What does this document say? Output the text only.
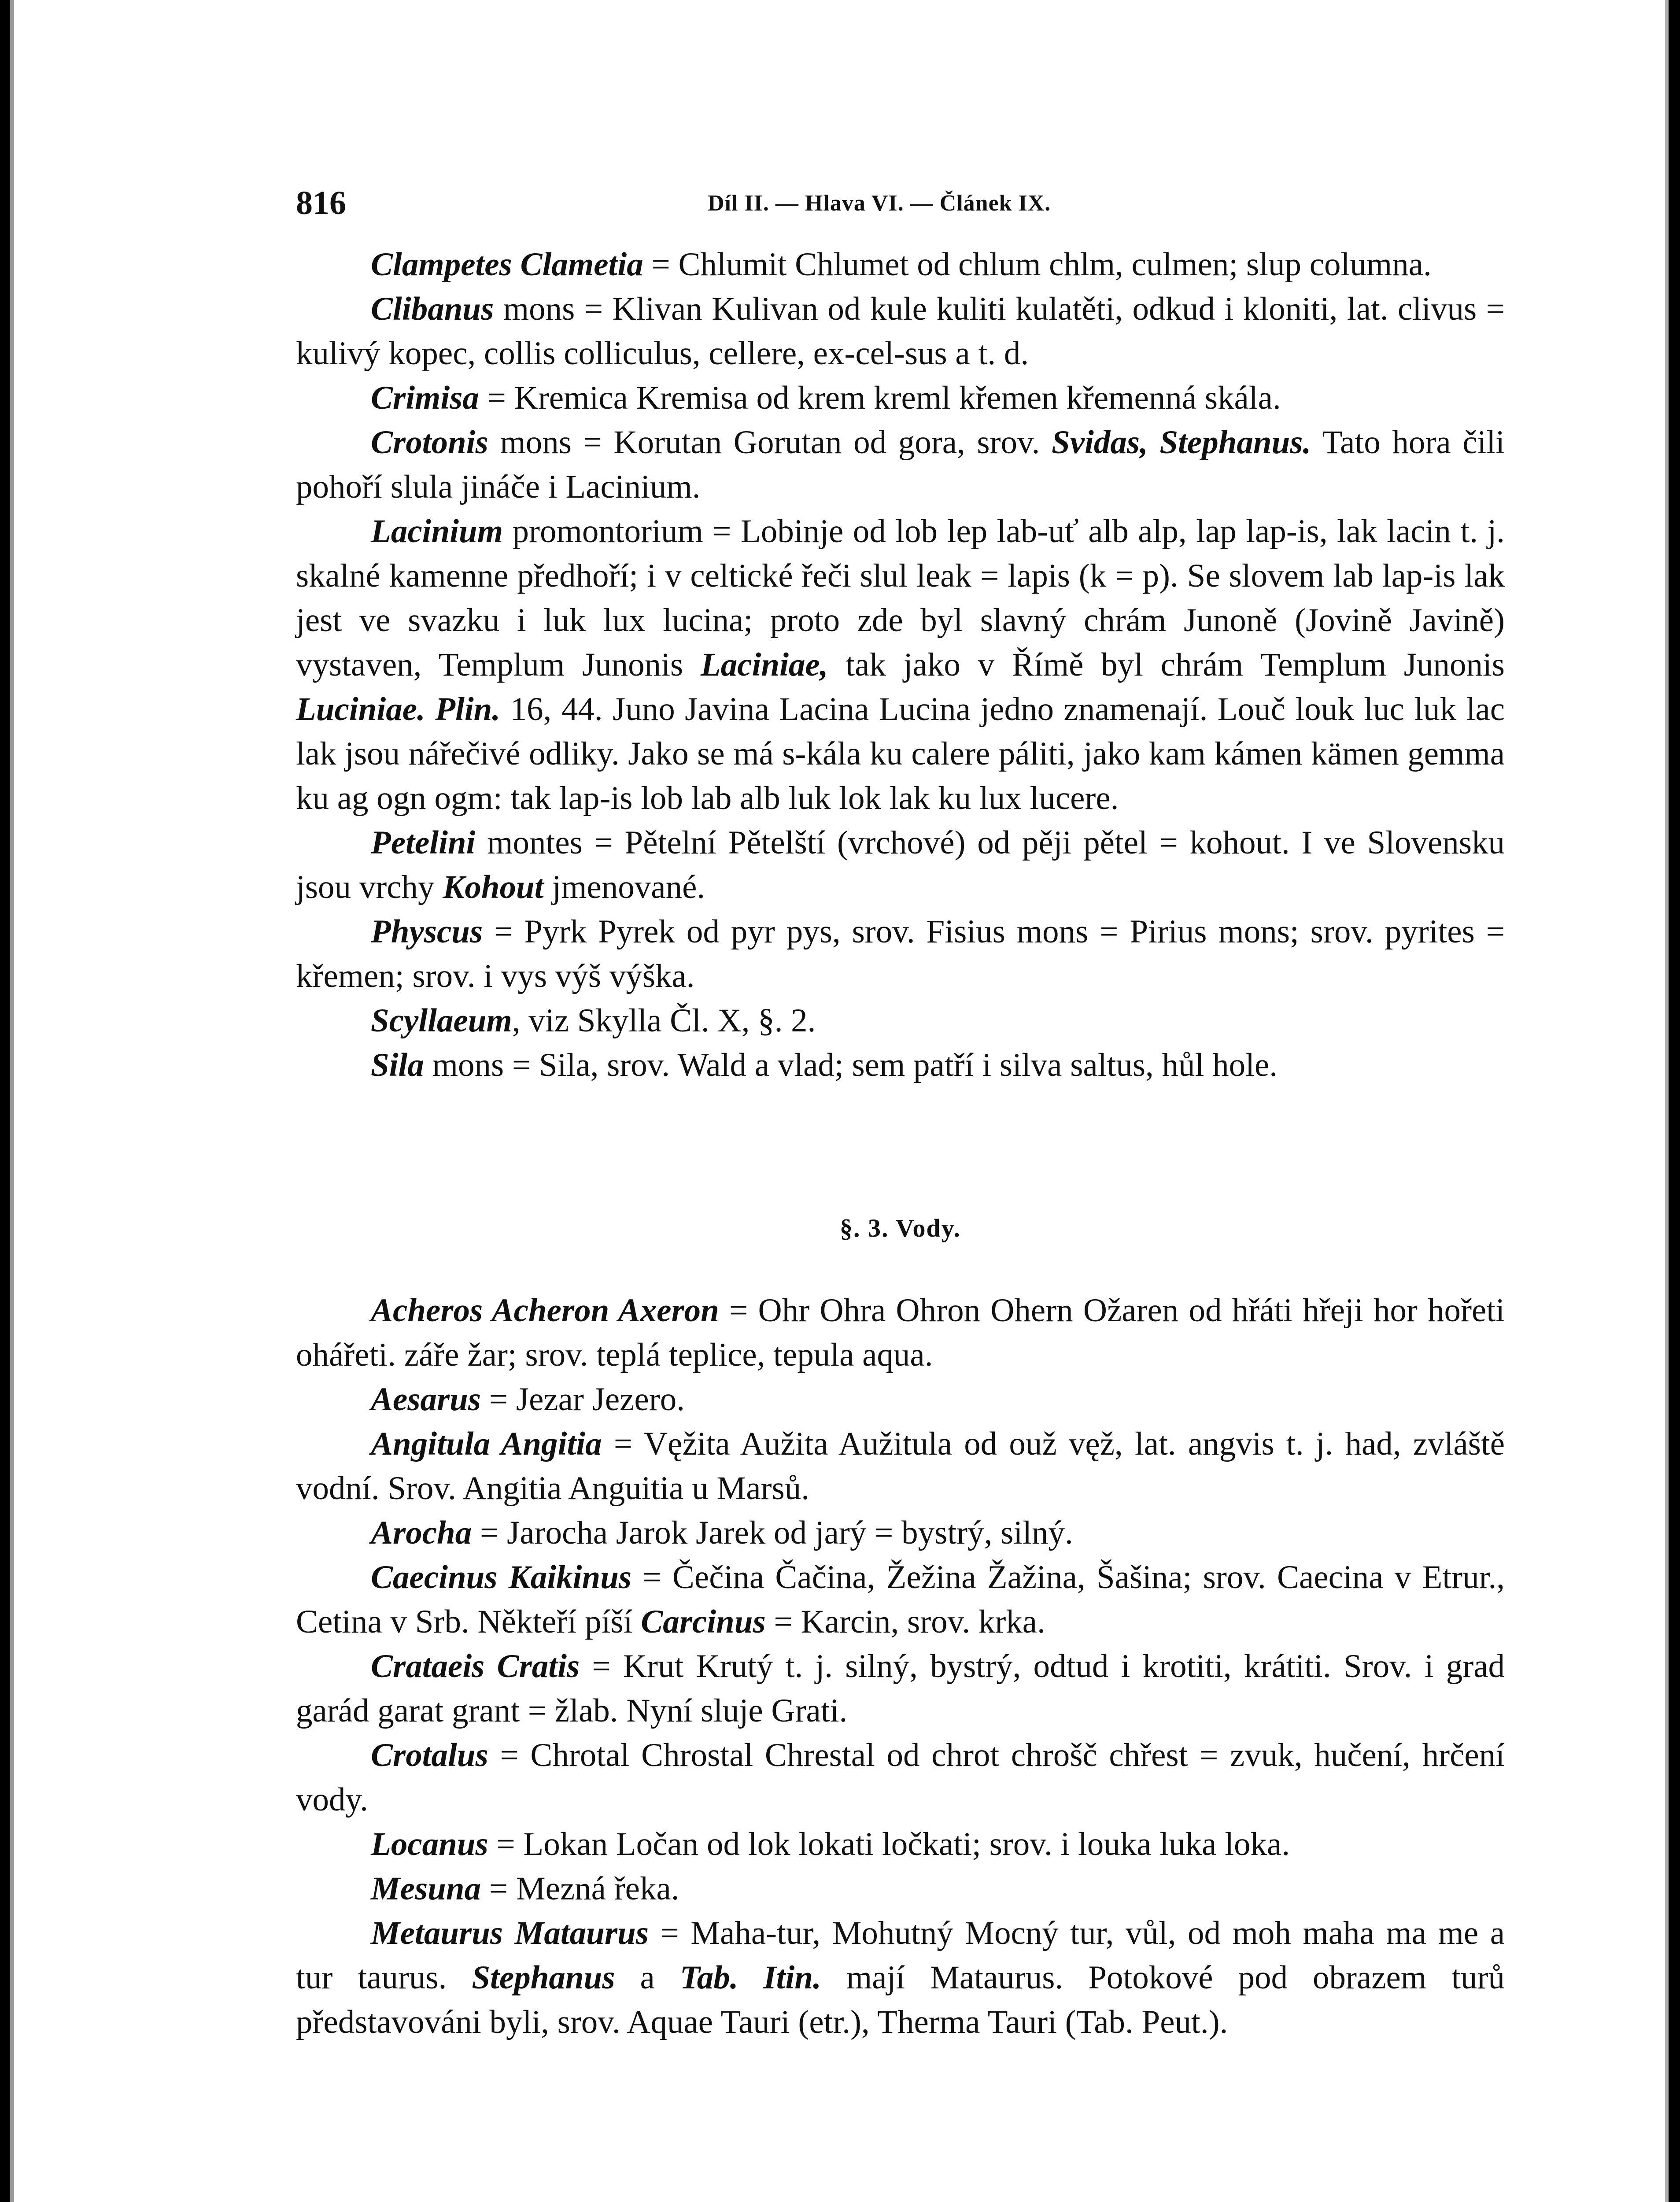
816	Díl II. — Hlava VI. — Článek IX.

Clampetes Clametia = Chlumit Chlumet od chlum chlm, culmen; slup columna.

Clibanus mons = Klivan Kulivan od kule kuliti kulatěti, odkud i kloniti, lat. clivus = kulivý kopec, collis colliculus, cellere, ex-cel-sus a t. d.

Crimisa = Kremica Kremisa od krem kreml křemen křemenná skála.

Crotonis mons = Korutan Gorutan od gora, srov. Svidas, Stephanus. Tato hora čili pohoří slula jináče i Lacinium.

Lacinium promontorium = Lobinje od lob lep lab-uť alb alp, lap lap-is, lak lacin t. j. skalné kamenne předhoří; i v celtické řeči slul leak = lapis (k = p). Se slovem lab lap-is lak jest ve svazku i luk lux lucina; proto zde byl slavný chrám Junoně (Jovině Javině) vystaven, Templum Junonis Laciniae, tak jako v Římě byl chrám Templum Junonis Luciniae. Plin. 16, 44. Juno Javina Lacina Lucina jedno znamenají. Louč louk luc luk lac lak jsou nářečivé odliky. Jako se má s-kála ku calere páliti, jako kam kámen kämen gemma ku ag ogn ogm: tak lap-is lob lab alb luk lok lak ku lux lucere.

Petelini montes = Pětelní Pětelští (vrchové) od pěji pětel = kohout. I ve Slovensku jsou vrchy Kohout jmenované.

Physcus = Pyrk Pyrek od pyr pys, srov. Fisius mons = Pirius mons; srov. pyrites = křemen; srov. i vys výš výška.

Scyllaeum, viz Skylla Čl. X, §. 2.

Sila mons = Sila, srov. Wald a vlad; sem patří i silva saltus, hůl hole.

§. 3. Vody.

Acheros Acheron Axeron = Ohr Ohra Ohron Ohern Ožaren od hřáti hřeji hor hořeti ohářeti. záře žar; srov. teplá teplice, tepula aqua.

Aesarus = Jezar Jezero.

Angitula Angitia = Vęžita Aužita Aužitula od ouž vęž, lat. angvis t. j. had, zvláště vodní. Srov. Angitia Anguitia u Marsů.

Arocha = Jarocha Jarok Jarek od jarý = bystrý, silný.

Caecinus Kaikinus = Čečina Čačina, Žežina Žažina, Šašina; srov. Caecina v Etrur., Cetina v Srb. Někteří píší Carcinus = Karcin, srov. krka.

Crataeis Cratis = Krut Krutý t. j. silný, bystrý, odtud i krotiti, krátiti. Srov. i grad garád garat grant = žlab. Nyní sluje Grati.

Crotalus = Chrotal Chrostal Chrestal od chrot chrošč chřest = zvuk, hučení, hrčení vody.

Locanus = Lokan Ločan od lok lokati ločkati; srov. i louka luka loka.

Mesuna = Mezná řeka.

Metaurus Mataurus = Maha-tur, Mohutný Mocný tur, vůl, od moh maha ma me a tur taurus. Stephanus a Tab. Itin. mají Mataurus. Potokové pod obrazem turů představováni byli, srov. Aquae Tauri (etr.), Therma Tauri (Tab. Peut.).
